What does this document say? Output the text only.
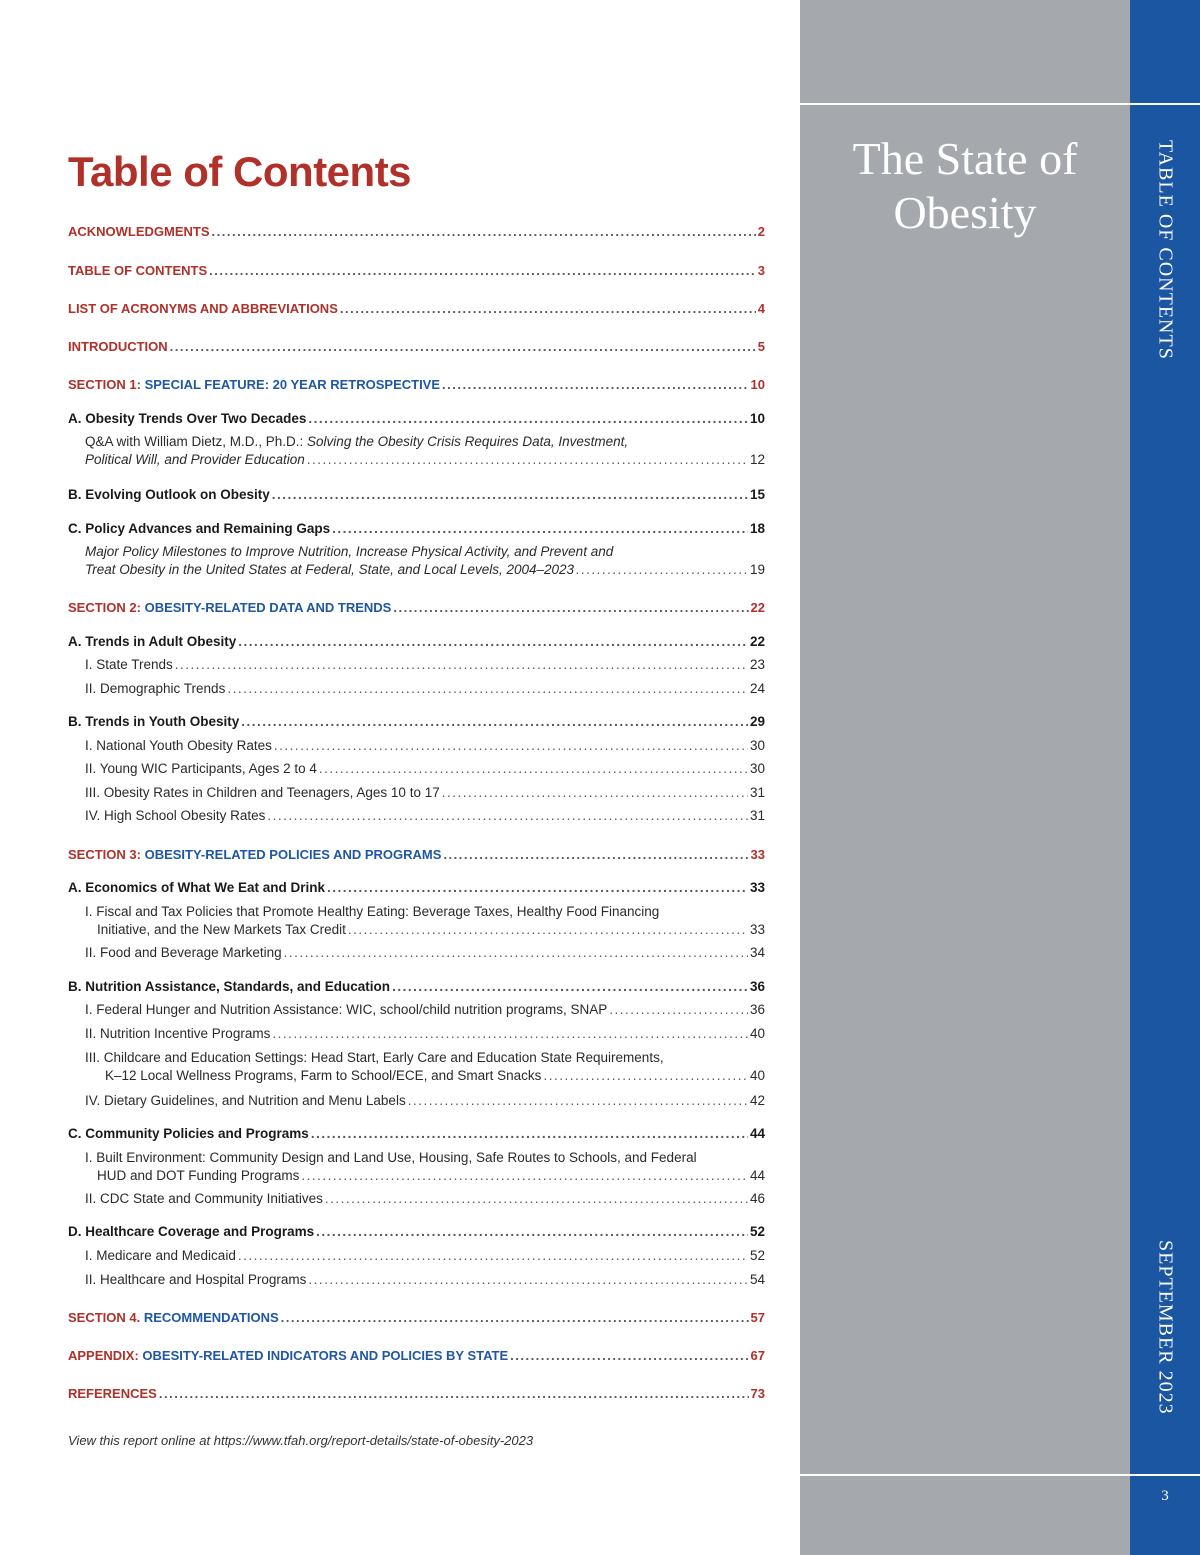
Table of Contents
ACKNOWLEDGMENTS .....	2
TABLE OF CONTENTS .....	3
LIST OF ACRONYMS AND ABBREVIATIONS .....	4
INTRODUCTION .....	5
SECTION 1: SPECIAL FEATURE: 20 YEAR RETROSPECTIVE .....	10
A. Obesity Trends Over Two Decades .....	10
Q&A with William Dietz, M.D., Ph.D.: Solving the Obesity Crisis Requires Data, Investment,
Political Will, and Provider Education .....	12
B. Evolving Outlook on Obesity .....	15
C. Policy Advances and Remaining Gaps .....	18
Major Policy Milestones to Improve Nutrition, Increase Physical Activity, and Prevent and
Treat Obesity in the United States at Federal, State, and Local Levels, 2004–2023 .....	19
SECTION 2: OBESITY-RELATED DATA AND TRENDS .....	22
A. Trends in Adult Obesity .....	22
I. State Trends .....	23
II. Demographic Trends .....	24
B. Trends in Youth Obesity .....	29
I. National Youth Obesity Rates .....	30
II. Young WIC Participants, Ages 2 to 4 .....	30
III. Obesity Rates in Children and Teenagers, Ages 10 to 17 .....	31
IV. High School Obesity Rates .....	31
SECTION 3: OBESITY-RELATED POLICIES AND PROGRAMS .....	33
A. Economics of What We Eat and Drink .....	33
I. Fiscal and Tax Policies that Promote Healthy Eating: Beverage Taxes, Healthy Food Financing
Initiative, and the New Markets Tax Credit .....	33
II. Food and Beverage Marketing .....	34
B. Nutrition Assistance, Standards, and Education .....	36
I. Federal Hunger and Nutrition Assistance: WIC, school/child nutrition programs, SNAP .....	36
II. Nutrition Incentive Programs .....	40
III. Childcare and Education Settings: Head Start, Early Care and Education State Requirements,
K–12 Local Wellness Programs, Farm to School/ECE, and Smart Snacks .....	40
IV. Dietary Guidelines, and Nutrition and Menu Labels .....	42
C. Community Policies and Programs .....	44
I. Built Environment: Community Design and Land Use, Housing, Safe Routes to Schools, and Federal
HUD and DOT Funding Programs .....	44
II. CDC State and Community Initiatives .....	46
D. Healthcare Coverage and Programs .....	52
I. Medicare and Medicaid .....	52
II. Healthcare and Hospital Programs .....	54
SECTION 4. RECOMMENDATIONS .....	57
APPENDIX: OBESITY-RELATED INDICATORS AND POLICIES BY STATE .....	67
REFERENCES .....	73
View this report online at https://www.tfah.org/report-details/state-of-obesity-2023
The State of
Obesity	TABLE OF CONTENTS
SEPTEMBER 2023
3
